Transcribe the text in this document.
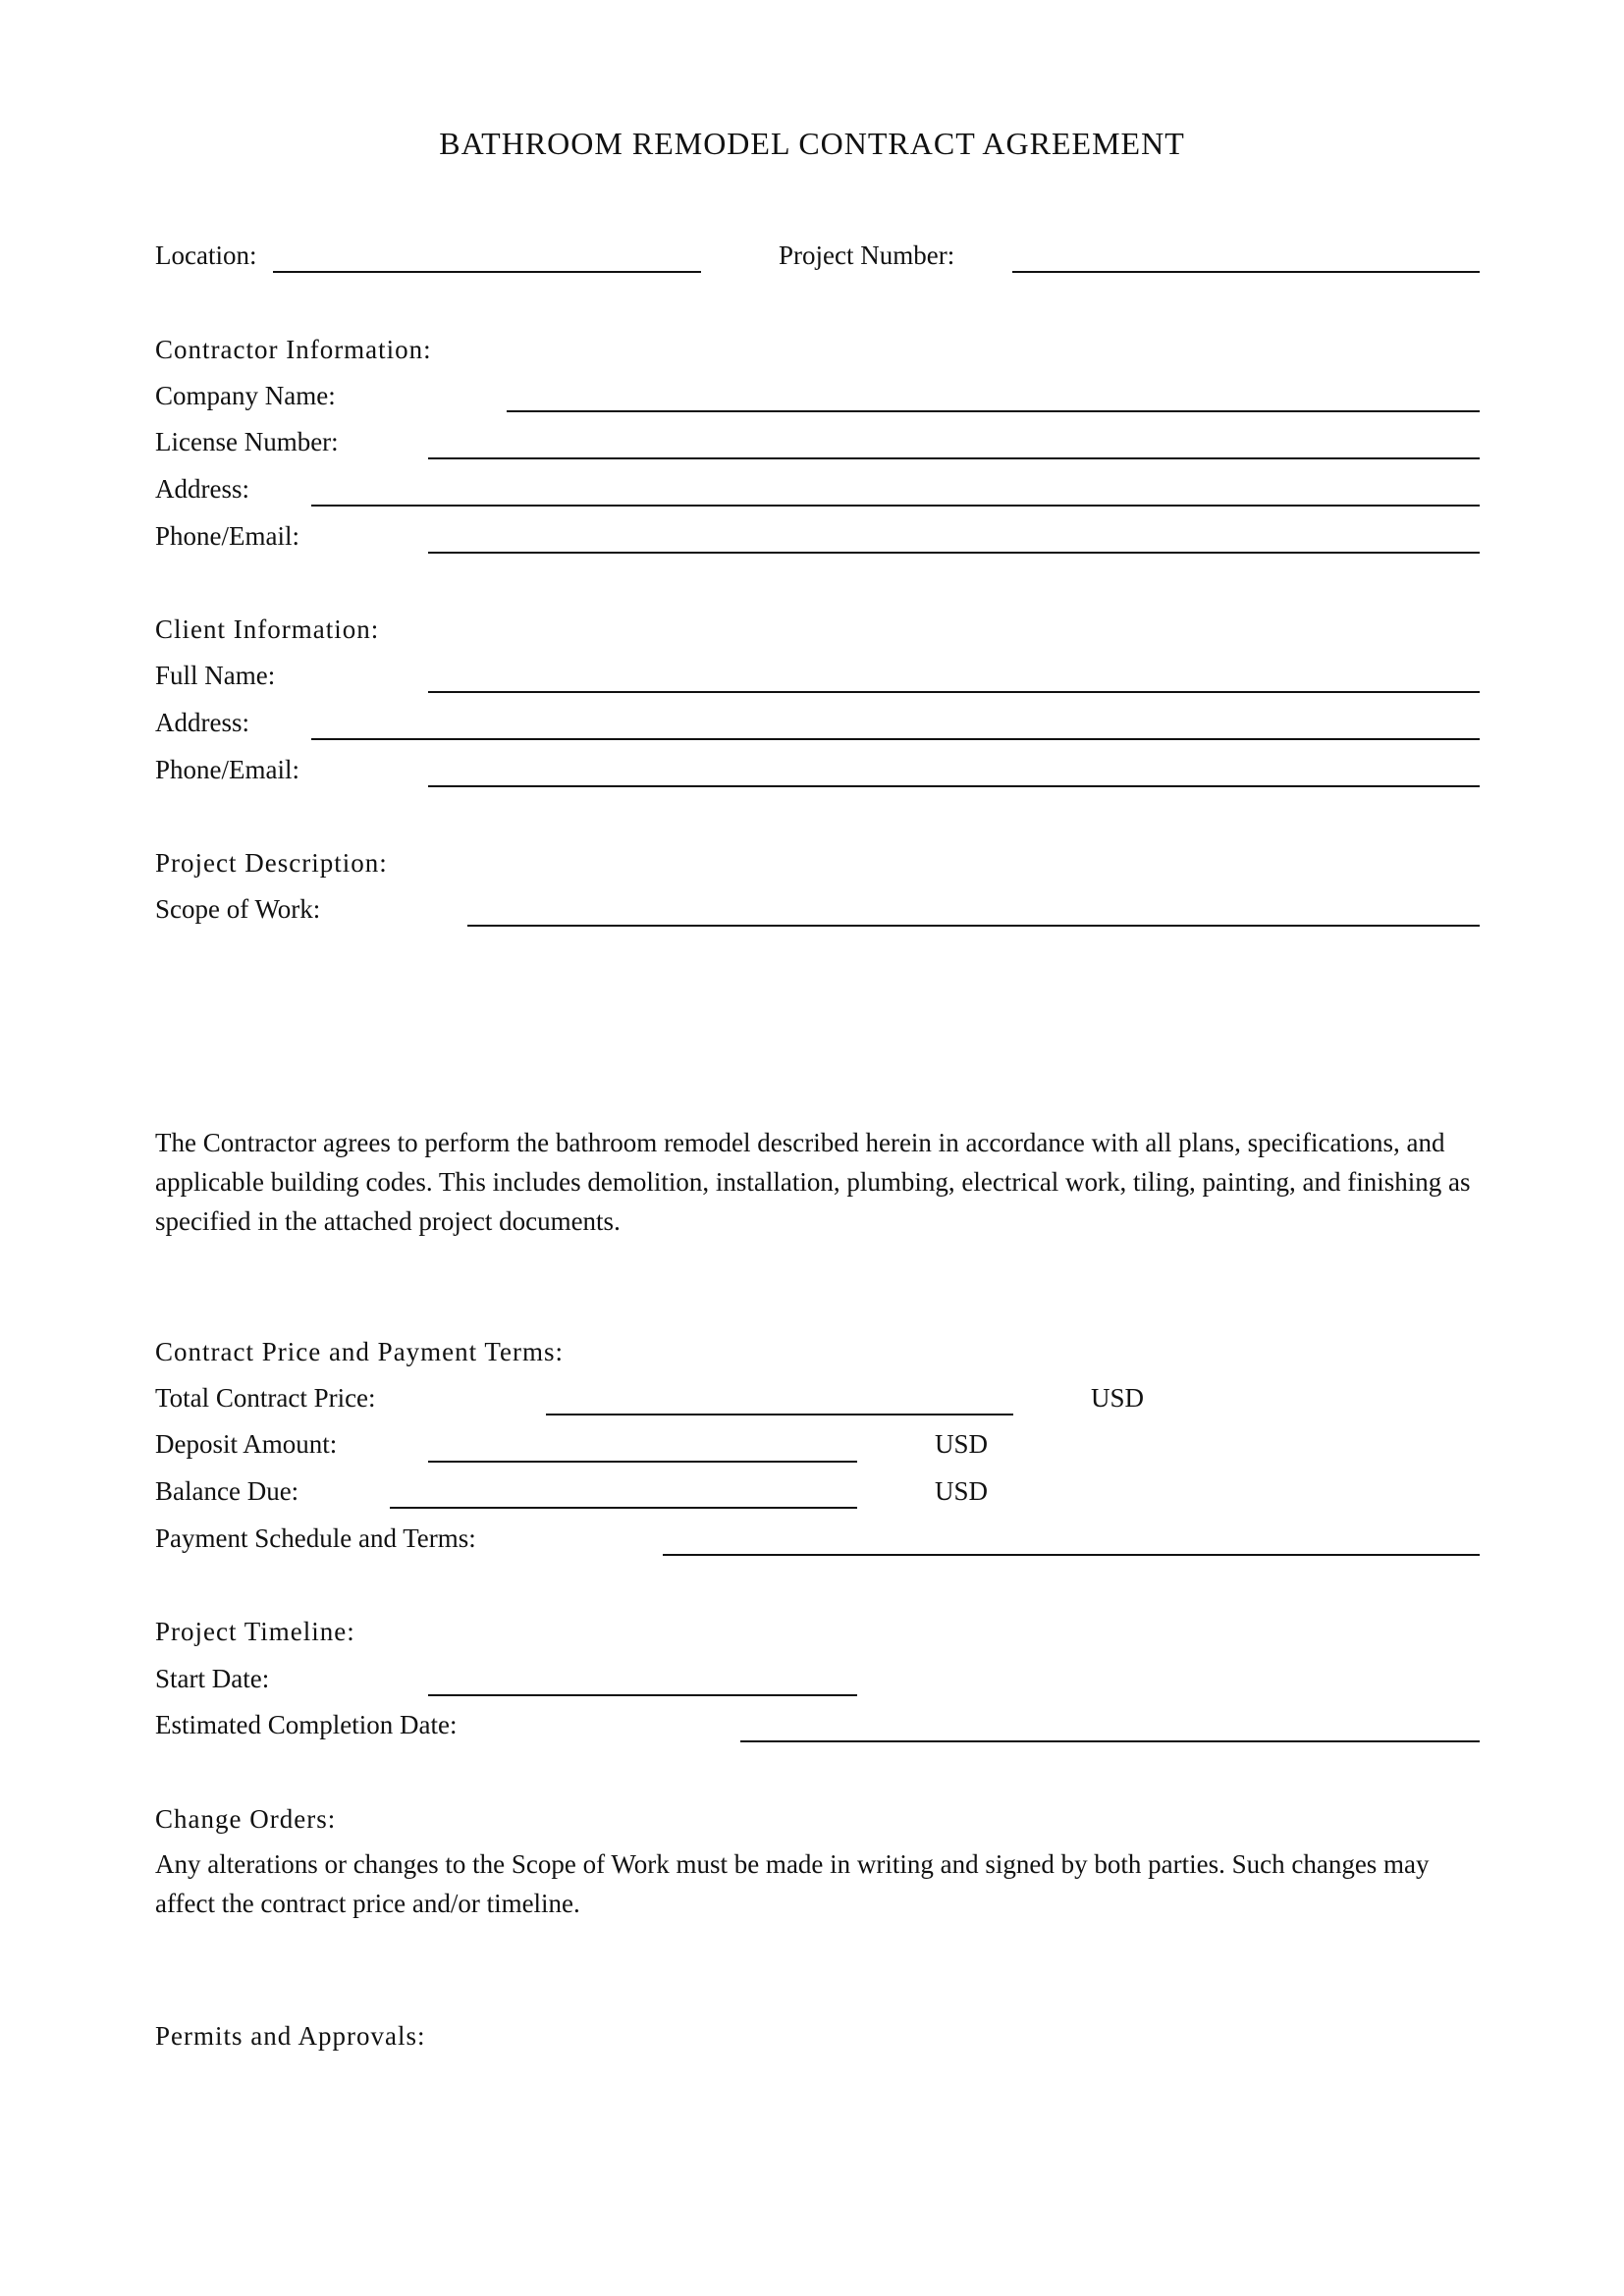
BATHROOM REMODEL CONTRACT AGREEMENT
Location:	Project Number:
Contractor Information:
Company Name:
License Number:
Address:
Phone/Email:
Client Information:
Full Name:
Address:
Phone/Email:
Project Description:
Scope of Work:
The Contractor agrees to perform the bathroom remodel described herein in accordance with all plans, specifications, and applicable building codes. This includes demolition, installation, plumbing, electrical work, tiling, painting, and finishing as specified in the attached project documents.
Contract Price and Payment Terms:
Total Contract Price:	USD
Deposit Amount:	USD
Balance Due:	USD
Payment Schedule and Terms:
Project Timeline:
Start Date:
Estimated Completion Date:
Change Orders:
Any alterations or changes to the Scope of Work must be made in writing and signed by both parties. Such changes may affect the contract price and/or timeline.
Permits and Approvals:
